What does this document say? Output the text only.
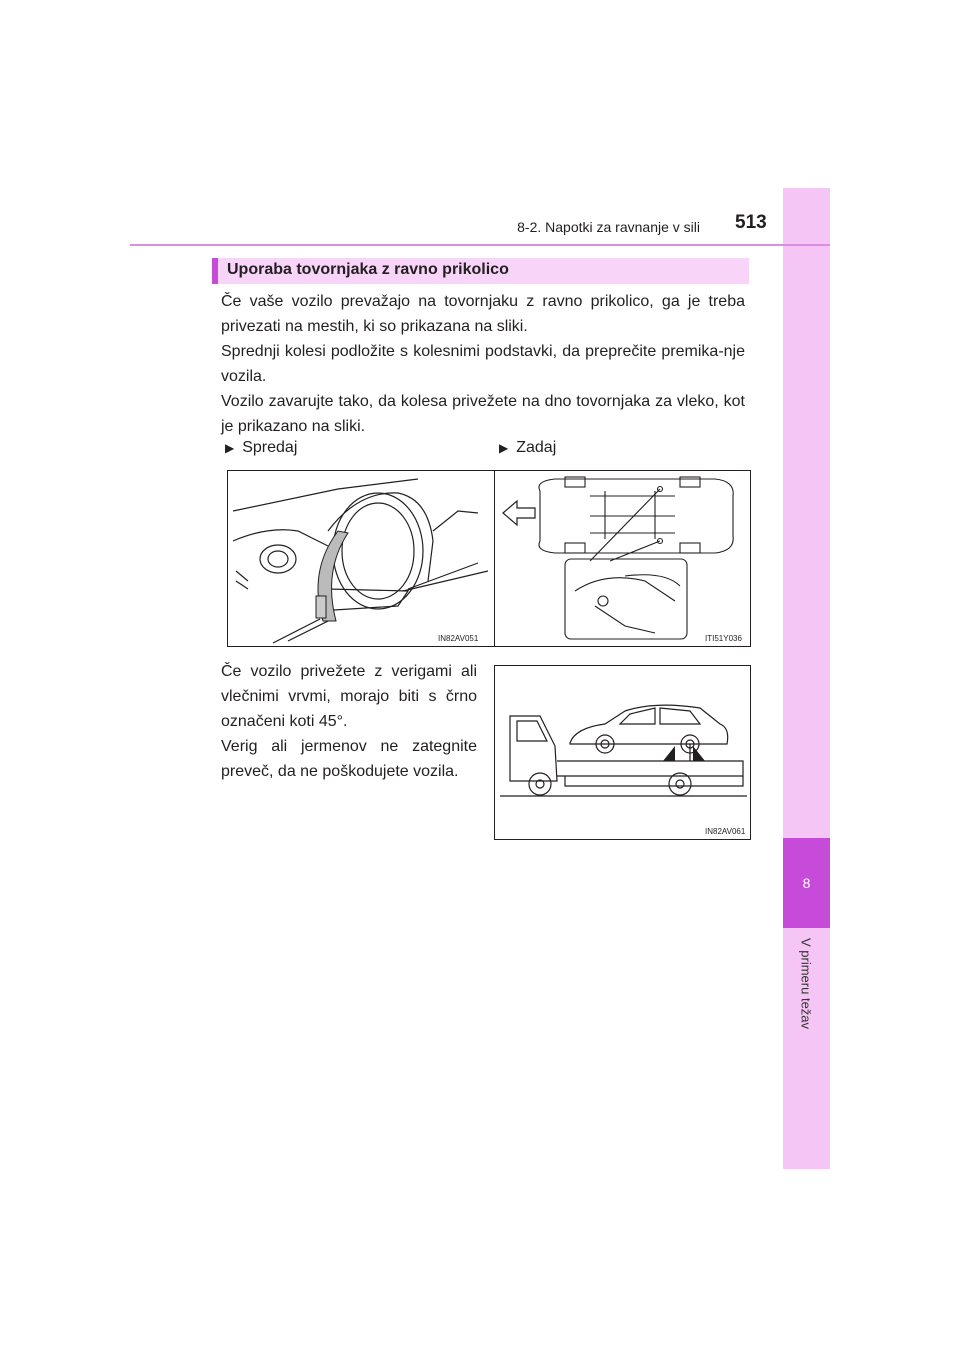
8
V primeru težav
8-2. Napotki za ravnanje v sili 513
Uporaba tovornjaka z ravno prikolico
Če vaše vozilo prevažajo na tovornjaku z ravno prikolico, ga je treba privezati na mestih, ki so prikazana na sliki.
Sprednji kolesi podložite s kolesnimi podstavki, da preprečite premika-nje vozila.
Vozilo zavarujte tako, da kolesa privežete na dno tovornjaka za vleko, kot je prikazano na sliki.
▶ Spredaj	▶ Zadaj
IN82AV051	ITI51Y036
Če vozilo privežete z verigami ali vlečnimi vrvmi, morajo biti s črno označeni koti 45°.
Verig ali jermenov ne zategnite preveč, da ne poškodujete vozila.
IN82AV061
